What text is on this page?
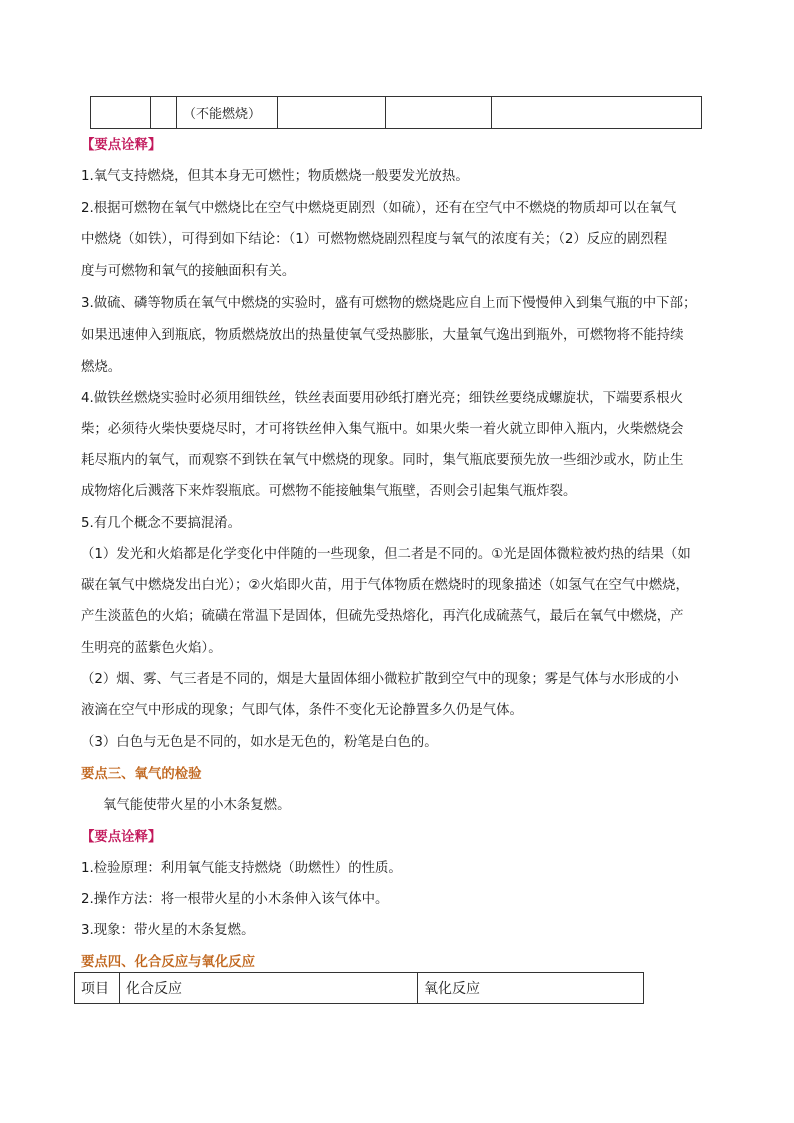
		（不能燃烧）			
【要点诠释】
1.氧气支持燃烧，但其本身无可燃性；物质燃烧一般要发光放热。
2.根据可燃物在氧气中燃烧比在空气中燃烧更剧烈（如硫），还有在空气中不燃烧的物质却可以在氧气
中燃烧（如铁），可得到如下结论：（1）可燃物燃烧剧烈程度与氧气的浓度有关；（2）反应的剧烈程
度与可燃物和氧气的接触面积有关。
3.做硫、磷等物质在氧气中燃烧的实验时，盛有可燃物的燃烧匙应自上而下慢慢伸入到集气瓶的中下部；
如果迅速伸入到瓶底，物质燃烧放出的热量使氧气受热膨胀，大量氧气逸出到瓶外，可燃物将不能持续
燃烧。
4.做铁丝燃烧实验时必须用细铁丝，铁丝表面要用砂纸打磨光亮；细铁丝要绕成螺旋状，下端要系根火
柴；必须待火柴快要烧尽时，才可将铁丝伸入集气瓶中。如果火柴一着火就立即伸入瓶内，火柴燃烧会
耗尽瓶内的氧气，而观察不到铁在氧气中燃烧的现象。同时，集气瓶底要预先放一些细沙或水，防止生
成物熔化后溅落下来炸裂瓶底。可燃物不能接触集气瓶壁，否则会引起集气瓶炸裂。
5.有几个概念不要搞混淆。
（1）发光和火焰都是化学变化中伴随的一些现象，但二者是不同的。①光是固体微粒被灼热的结果（如
碳在氧气中燃烧发出白光）；②火焰即火苗，用于气体物质在燃烧时的现象描述（如氢气在空气中燃烧，
产生淡蓝色的火焰；硫磺在常温下是固体，但硫先受热熔化，再汽化成硫蒸气，最后在氧气中燃烧，产
生明亮的蓝紫色火焰）。
（2）烟、雾、气三者是不同的，烟是大量固体细小微粒扩散到空气中的现象；雾是气体与水形成的小
液滴在空气中形成的现象；气即气体，条件不变化无论静置多久仍是气体。
（3）白色与无色是不同的，如水是无色的，粉笔是白色的。
要点三、氧气的检验
氧气能使带火星的小木条复燃。
【要点诠释】
1.检验原理：利用氧气能支持燃烧（助燃性）的性质。
2.操作方法：将一根带火星的小木条伸入该气体中。
3.现象：带火星的木条复燃。
要点四、化合反应与氧化反应
项目	化合反应	氧化反应
